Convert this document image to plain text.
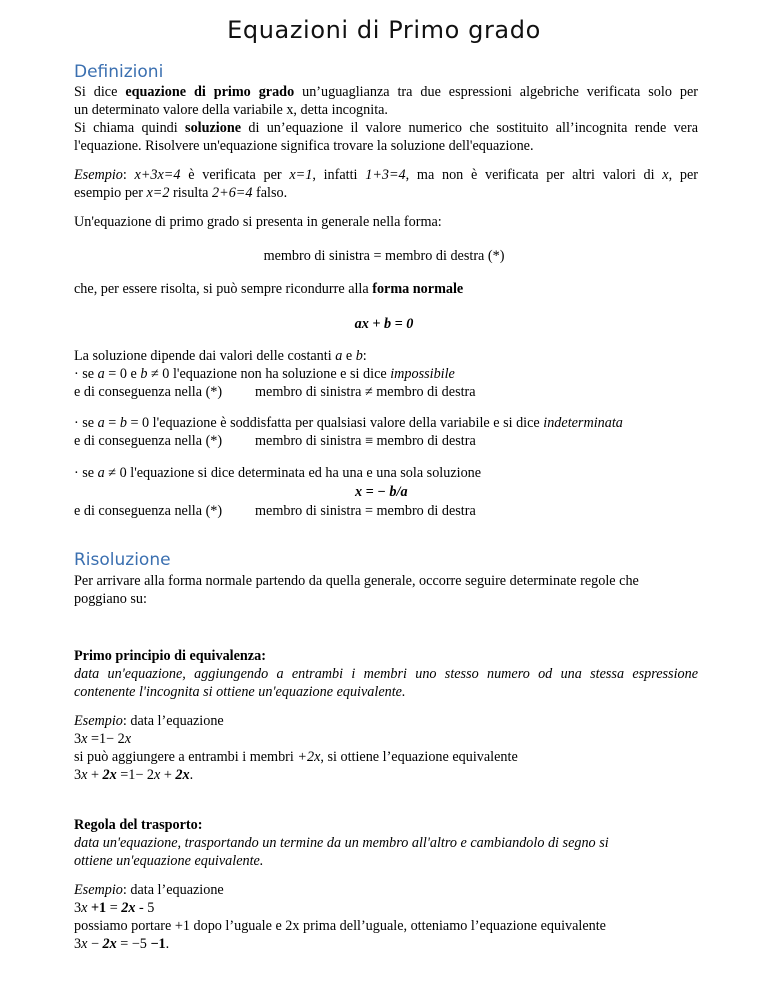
Equazioni di Primo grado
Definizioni
Si dice equazione di primo grado un’uguaglianza tra due espressioni algebriche verificata solo per
un determinato valore della variabile x, detta incognita.
Si chiama quindi soluzione di un’equazione il valore numerico che sostituito all’incognita rende vera
l'equazione. Risolvere un'equazione significa trovare la soluzione dell'equazione.
Esempio: x+3x=4 è verificata per x=1, infatti 1+3=4, ma non è verificata per altri valori di x, per
esempio per x=2 risulta 2+6=4 falso.
Un'equazione di primo grado si presenta in generale nella forma:
membro di sinistra = membro di destra (*)
che, per essere risolta, si può sempre ricondurre alla forma normale
ax + b = 0
La soluzione dipende dai valori delle costanti a e b:
· se a = 0 e b ≠ 0 l'equazione non ha soluzione e si dice impossibile
e di conseguenza nella (*) membro di sinistra ≠ membro di destra
· se a = b = 0 l'equazione è soddisfatta per qualsiasi valore della variabile e si dice indeterminata
e di conseguenza nella (*) membro di sinistra ≡ membro di destra
· se a ≠ 0 l'equazione si dice determinata ed ha una e una sola soluzione
x = − b/a
e di conseguenza nella (*) membro di sinistra = membro di destra
Risoluzione
Per arrivare alla forma normale partendo da quella generale, occorre seguire determinate regole che
poggiano su:
Primo principio di equivalenza:
data un'equazione, aggiungendo a entrambi i membri uno stesso numero od una stessa espressione
contenente l'incognita si ottiene un'equazione equivalente.
Esempio: data l’equazione
3x =1− 2x
si può aggiungere a entrambi i membri +2x, si ottiene l’equazione equivalente
3x + 2x =1− 2x + 2x.
Regola del trasporto:
data un'equazione, trasportando un termine da un membro all'altro e cambiandolo di segno si
ottiene un'equazione equivalente.
Esempio: data l’equazione
3x +1 = 2x - 5
possiamo portare +1 dopo l’uguale e 2x prima dell’uguale, otteniamo l’equazione equivalente
3x − 2x = −5 −1.
